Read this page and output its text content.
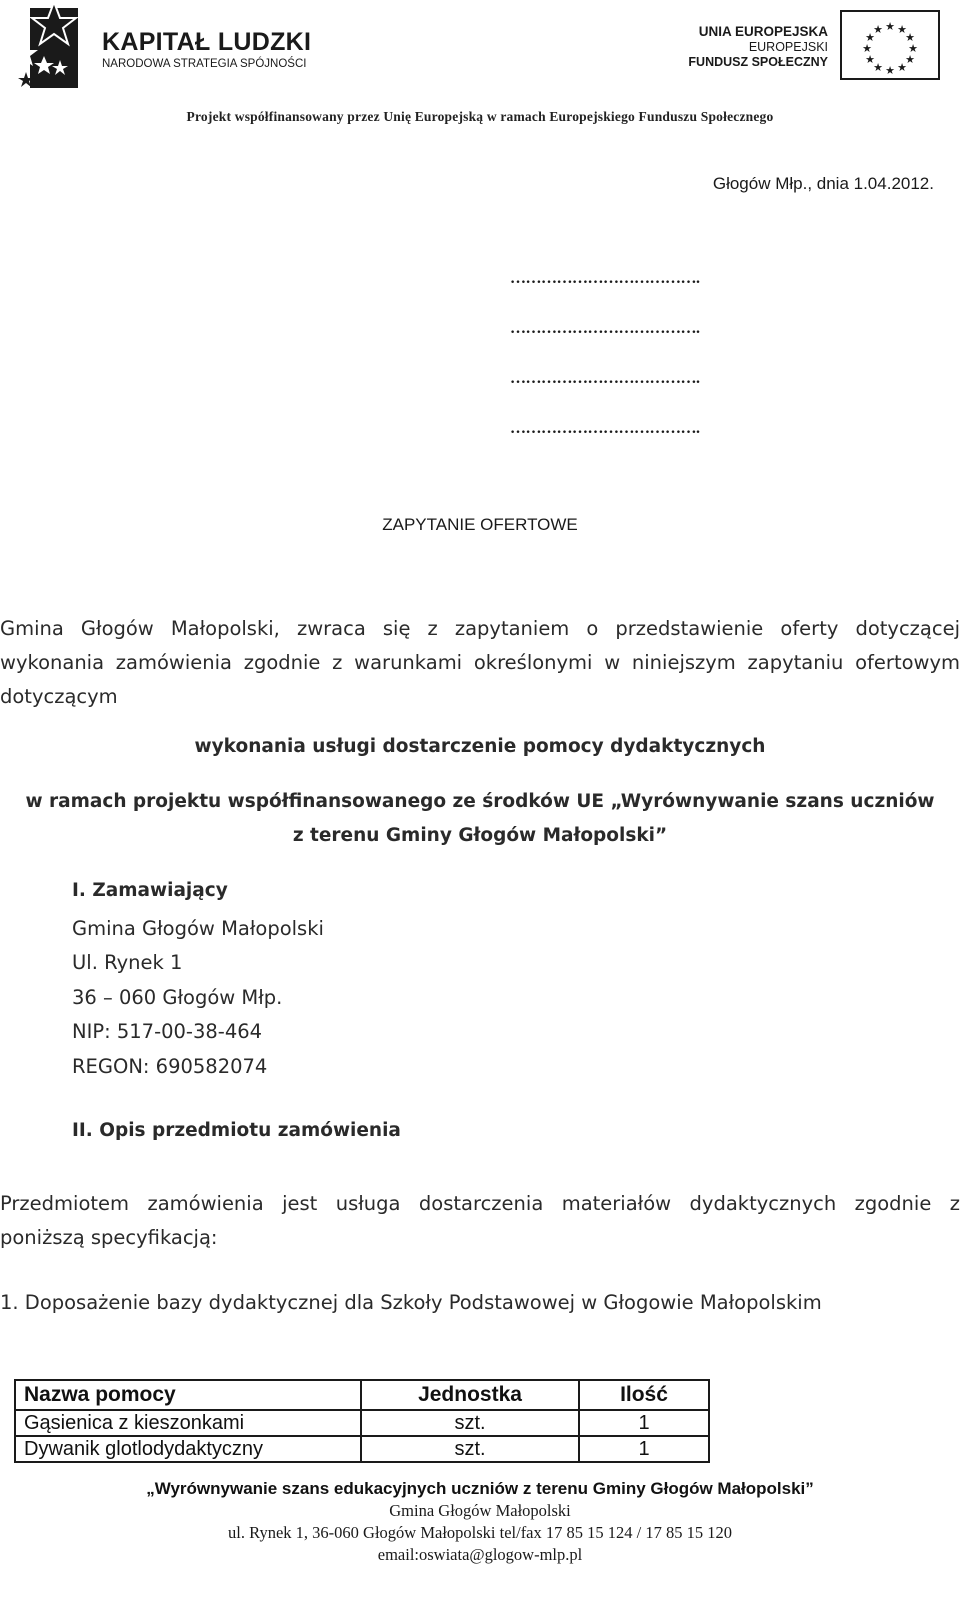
KAPITAŁ LUDZKI
NARODOWA STRATEGIA SPÓJNOŚCI
UNIA EUROPEJSKA
EUROPEJSKI
FUNDUSZ SPOŁECZNY
★ ★
★
★
★
★
★
★
★
★
★
★
Projekt współfinansowany przez Unię Europejską w ramach Europejskiego Funduszu Społecznego
Głogów Młp., dnia 1.04.2012.
……………………………….
……………………………….
……………………………….
……………………………….
ZAPYTANIE OFERTOWE
Gmina Głogów Małopolski, zwraca się z zapytaniem o przedstawienie oferty dotyczącej
wykonania zamówienia zgodnie z warunkami określonymi w niniejszym zapytaniu ofertowym
dotyczącym
wykonania usługi dostarczenie pomocy dydaktycznych
w ramach projektu współfinansowanego ze środków UE „Wyrównywanie szans uczniów
z terenu Gminy Głogów Małopolski”
I. Zamawiający
Gmina Głogów Małopolski
Ul. Rynek 1
36 – 060 Głogów Młp.
NIP: 517-00-38-464
REGON: 690582074
II. Opis przedmiotu zamówienia
Przedmiotem zamówienia jest usługa dostarczenia materiałów dydaktycznych zgodnie z
poniższą specyfikacją:
1. Doposażenie bazy dydaktycznej dla Szkoły Podstawowej w Głogowie Małopolskim
Nazwa pomocy	Jednostka	Ilość
Gąsienica z kieszonkami	szt.	1
Dywanik glotlodydaktyczny	szt.	1
„Wyrównywanie szans edukacyjnych uczniów z terenu Gminy Głogów Małopolski”
Gmina Głogów Małopolski
ul. Rynek 1, 36-060 Głogów Małopolski tel/fax 17 85 15 124 / 17 85 15 120
email:oswiata@glogow-mlp.pl
